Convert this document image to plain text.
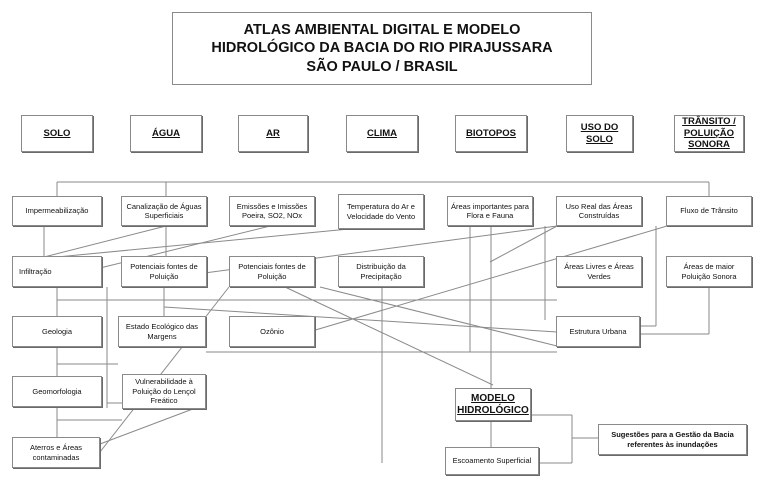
ATLAS AMBIENTAL DIGITAL E MODELO
HIDROLÓGICO DA BACIA DO RIO PIRAJUSSARA
SÃO PAULO / BRASIL
SOLO	ÁGUA	AR	CLIMA	BIOTOPOS
USO DO SOLO
TRÂNSITO / POLUIÇÃO SONORA
Impermeabilização
Canalização de Águas Superficiais
Emissões e Imissões Poeira, SO2, NOx
Temperatura do Ar e Velocidade do Vento
Áreas importantes para Flora e Fauna
Uso Real das Áreas Construídas
Fluxo de Trânsito
Infiltração
Potenciais fontes de Poluição
Potenciais fontes de Poluição
Distribuição da Precipitação
Áreas Livres e Áreas Verdes
Áreas de maior Poluição Sonora
Geologia
Estado Ecológico das Margens
Ozônio	Estrutura Urbana
Geomorfologia
Vulnerabilidade à Poluição do Lençol Freático
Aterros e Áreas contaminadas
MODELO HIDROLÓGICO
Escoamento Superficial
Sugestões para a Gestão da Bacia referentes às inundações
